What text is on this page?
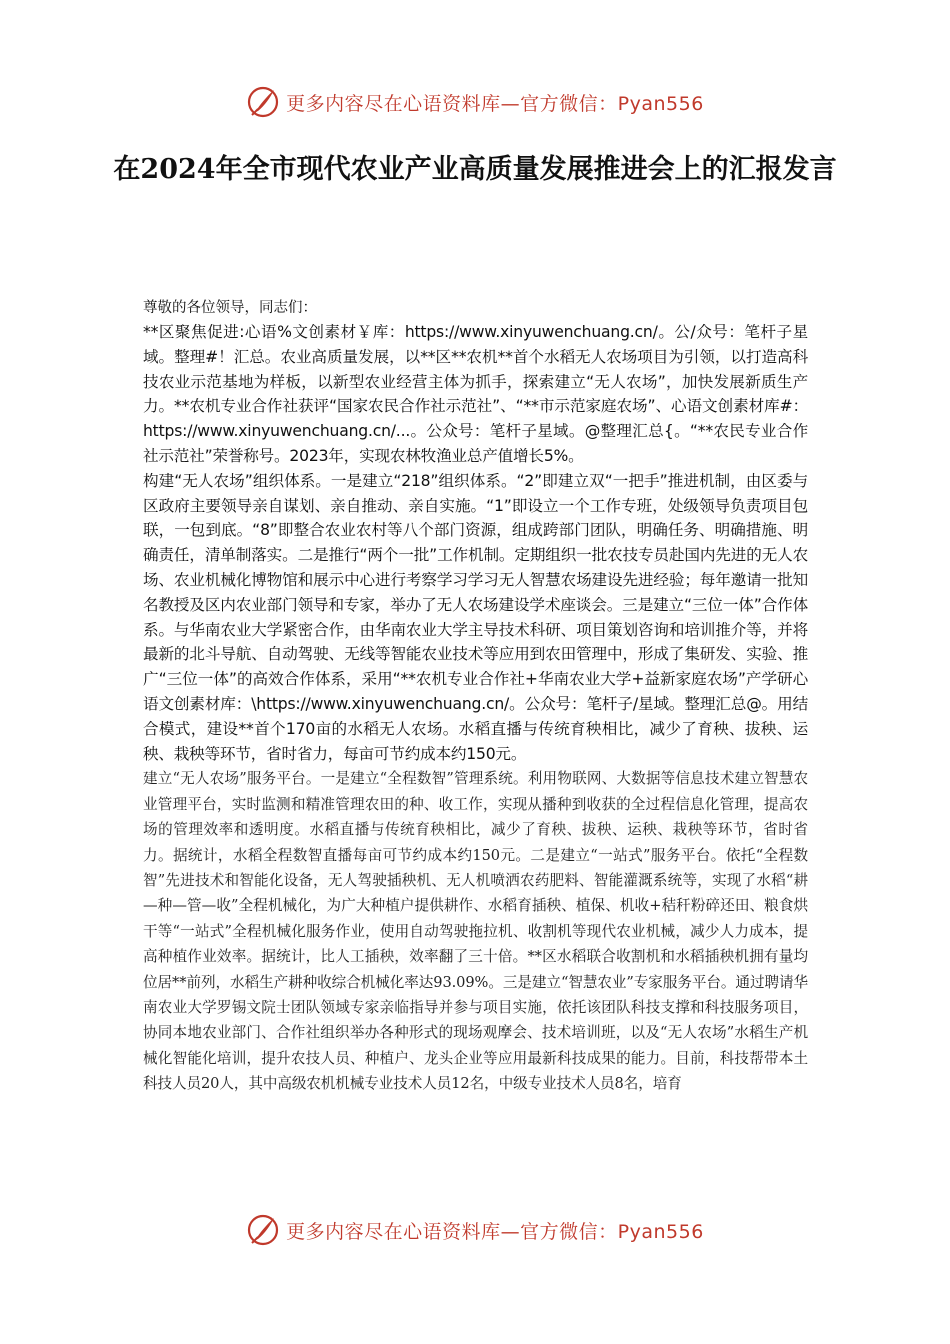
更多内容尽在心语资料库—官方微信：Pyan556
在2024年全市现代农业产业高质量发展推进会上的汇报发言

尊敬的各位领导，同志们：

**区聚焦促进:心语%文创素材￥库：https://www.xinyuwenchuang.cn/。公/众号：笔杆子星域。整理#！汇总。农业高质量发展，以**区**农机**首个水稻无人农场项目为引领，以打造高科技农业示范基地为样板，以新型农业经营主体为抓手，探索建立“无人农场”，加快发展新质生产力。**农机专业合作社获评“国家农民合作社示范社”、“**市示范家庭农场”、心语文创素材库#：https://www.xinyuwenchuang.cn/...。公众号：笔杆子星域。@整理汇总{。“**农民专业合作社示范社”荣誉称号。2023年，实现农林牧渔业总产值增长5%。

构建“无人农场”组织体系。一是建立“218”组织体系。“2”即建立双“一把手”推进机制，由区委与区政府主要领导亲自谋划、亲自推动、亲自实施。“1”即设立一个工作专班，处级领导负责项目包联，一包到底。“8”即整合农业农村等八个部门资源，组成跨部门团队，明确任务、明确措施、明确责任，清单制落实。二是推行“两个一批”工作机制。定期组织一批农技专员赴国内先进的无人农场、农业机械化博物馆和展示中心进行考察学习学习无人智慧农场建设先进经验；每年邀请一批知名教授及区内农业部门领导和专家，举办了无人农场建设学术座谈会。三是建立“三位一体”合作体系。与华南农业大学紧密合作，由华南农业大学主导技术科研、项目策划咨询和培训推介等，并将最新的北斗导航、自动驾驶、无线等智能农业技术等应用到农田管理中，形成了集研发、实验、推广“三位一体”的高效合作体系，采用“**农机专业合作社+华南农业大学+益新家庭农场”产学研心语文创素材库：\https://www.xinyuwenchuang.cn/。公众号：笔杆子/星域。整理汇总@。用结合模式，建设**首个170亩的水稻无人农场。水稻直播与传统育秧相比，减少了育秧、拔秧、运秧、栽秧等环节，省时省力，每亩可节约成本约150元。

建立“无人农场”服务平台。一是建立“全程数智”管理系统。利用物联网、大数据等信息技术建立智慧农业管理平台，实时监测和精准管理农田的种、收工作，实现从播种到收获的全过程信息化管理，提高农场的管理效率和透明度。水稻直播与传统育秧相比，减少了育秧、拔秧、运秧、栽秧等环节，省时省力。据统计，水稻全程数智直播每亩可节约成本约150元。二是建立“一站式”服务平台。依托“全程数智”先进技术和智能化设备，无人驾驶插秧机、无人机喷洒农药肥料、智能灌溉系统等，实现了水稻“耕—种—管—收”全程机械化，为广大种植户提供耕作、水稻育插秧、植保、机收+秸秆粉碎还田、粮食烘干等“一站式”全程机械化服务作业，使用自动驾驶拖拉机、收割机等现代农业机械，减少人力成本，提高种植作业效率。据统计，比人工插秧，效率翻了三十倍。**区水稻联合收割机和水稻插秧机拥有量均位居**前列，水稻生产耕种收综合机械化率达93.09%。三是建立“智慧农业”专家服务平台。通过聘请华南农业大学罗锡文院士团队领域专家亲临指导并参与项目实施，依托该团队科技支撑和科技服务项目，协同本地农业部门、合作社组织举办各种形式的现场观摩会、技术培训班，以及“无人农场”水稻生产机械化智能化培训，提升农技人员、种植户、龙头企业等应用最新科技成果的能力。目前，科技帮带本土科技人员20人，其中高级农机机械专业技术人员12名，中级专业技术人员8名，培育

更多内容尽在心语资料库—官方微信：Pyan556
